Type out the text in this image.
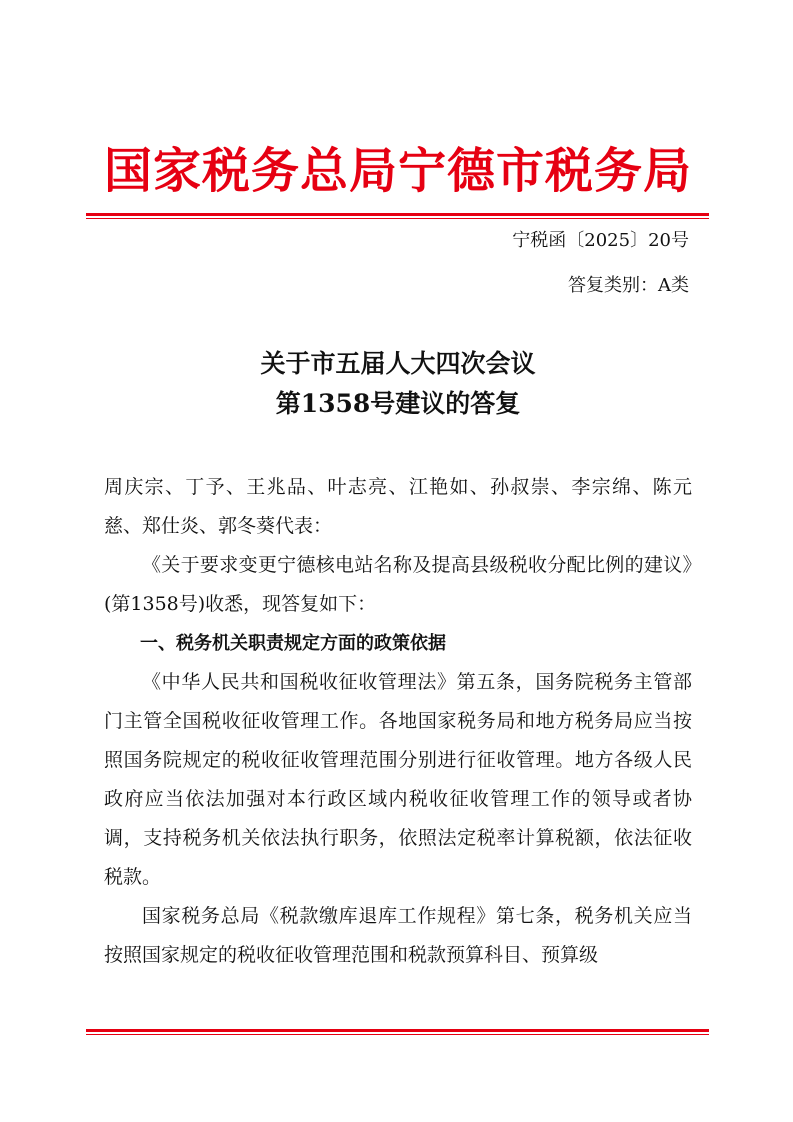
国家税务总局宁德市税务局
宁税函〔2025〕20号
答复类别：A类
关于市五届人大四次会议
第1358号建议的答复

周庆宗、丁予、王兆品、叶志亮、江艳如、孙叔崇、李宗绵、陈元慈、郑仕炎、郭冬葵代表：

《关于要求变更宁德核电站名称及提高县级税收分配比例的建议》(第1358号)收悉，现答复如下：

一、税务机关职责规定方面的政策依据

《中华人民共和国税收征收管理法》第五条，国务院税务主管部门主管全国税收征收管理工作。各地国家税务局和地方税务局应当按照国务院规定的税收征收管理范围分别进行征收管理。地方各级人民政府应当依法加强对本行政区域内税收征收管理工作的领导或者协调，支持税务机关依法执行职务，依照法定税率计算税额，依法征收税款。

国家税务总局《税款缴库退库工作规程》第七条，税务机关应当按照国家规定的税收征收管理范围和税款预算科目、预算级
